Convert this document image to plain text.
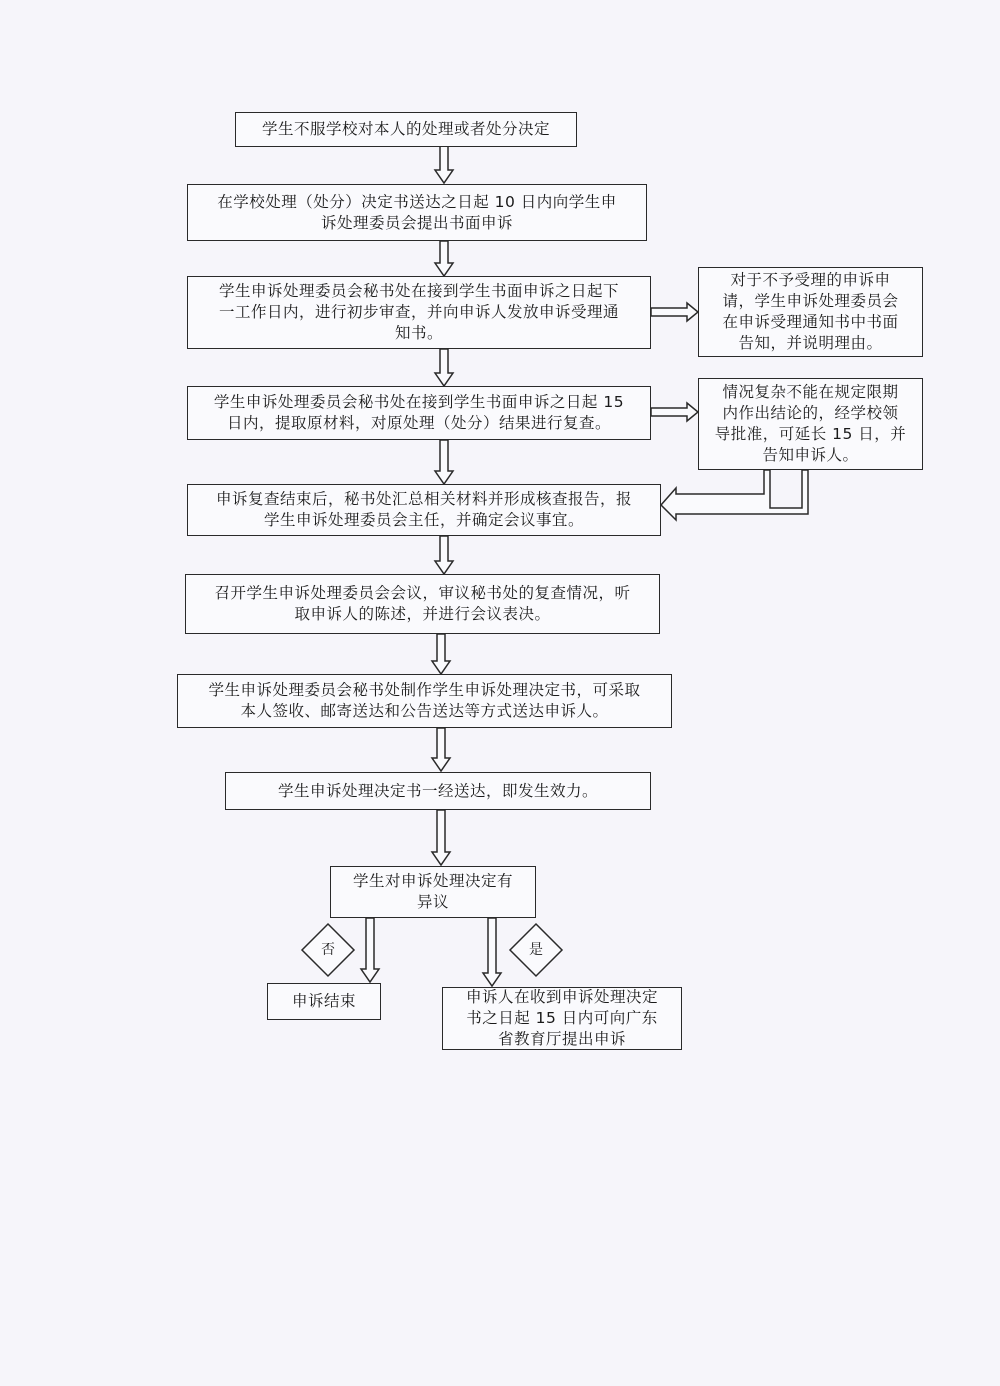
学生不服学校对本人的处理或者处分决定
在学校处理（处分）决定书送达之日起 10 日内向学生申
诉处理委员会提出书面申诉
学生申诉处理委员会秘书处在接到学生书面申诉之日起下
一工作日内，进行初步审查，并向申诉人发放申诉受理通
知书。
对于不予受理的申诉申
请，学生申诉处理委员会
在申诉受理通知书中书面
告知，并说明理由。
学生申诉处理委员会秘书处在接到学生书面申诉之日起 15
日内，提取原材料，对原处理（处分）结果进行复查。
情况复杂不能在规定限期
内作出结论的，经学校领
导批准，可延长 15 日，并
告知申诉人。
申诉复查结束后，秘书处汇总相关材料并形成核查报告，报
学生申诉处理委员会主任，并确定会议事宜。
召开学生申诉处理委员会会议，审议秘书处的复查情况，听
取申诉人的陈述，并进行会议表决。
学生申诉处理委员会秘书处制作学生申诉处理决定书，可采取
本人签收、邮寄送达和公告送达等方式送达申诉人。
学生申诉处理决定书一经送达，即发生效力。
学生对申诉处理决定有
异议
否	是
申诉结束	申诉人在收到申诉处理决定
书之日起 15 日内可向广东
省教育厅提出申诉
